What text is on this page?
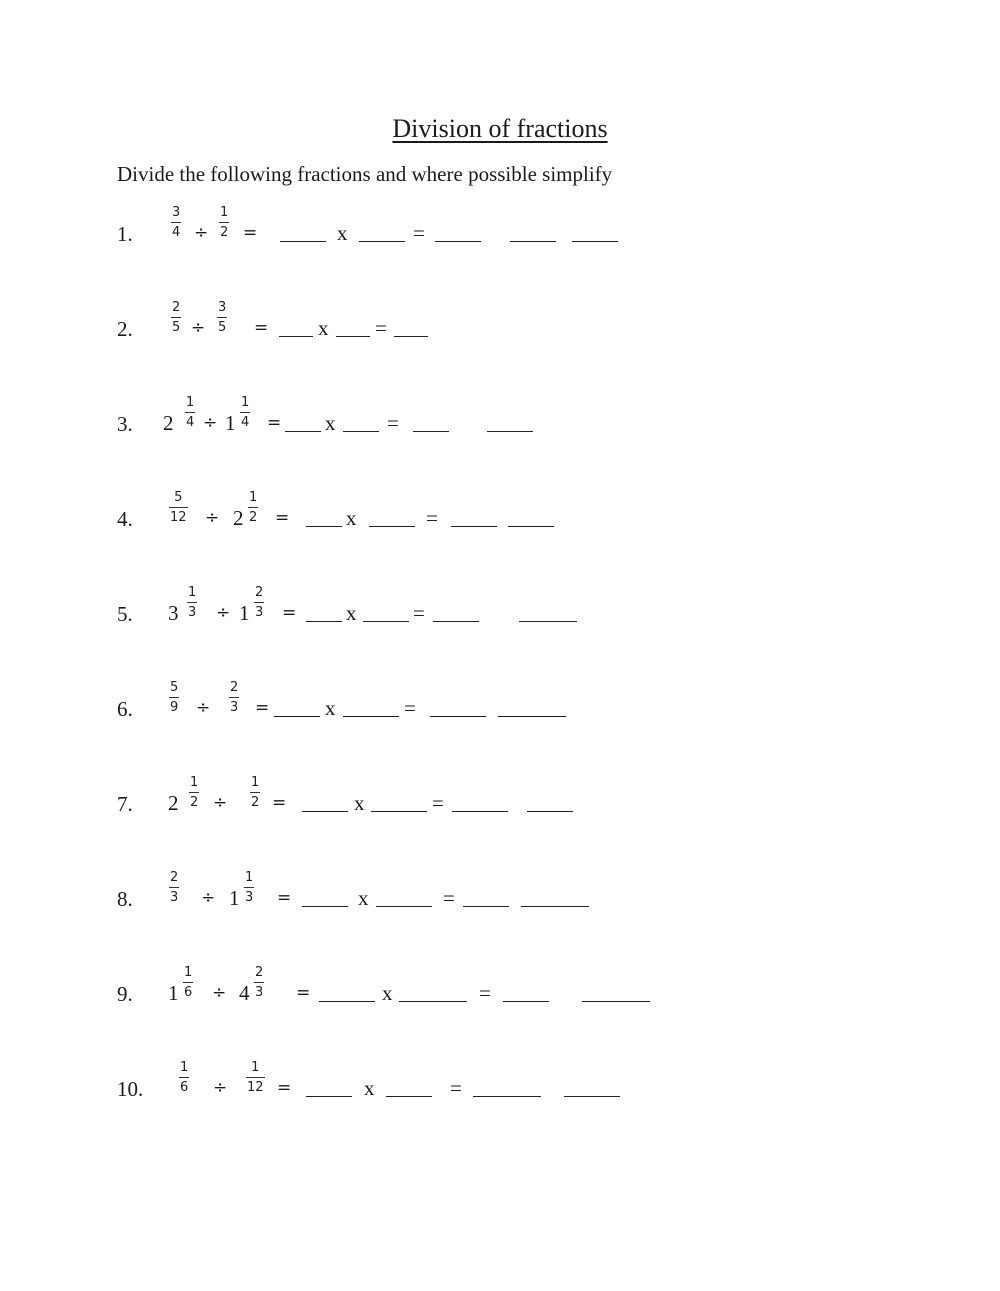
Division of fractions
Divide the following fractions and where possible simplify
1.
3
4 ÷
1
2 =	x	=
2.
2
5 ÷
3
5 = x =
3. 2
1
4 ÷ 1
1
4 = x =
4.
5
12 ÷ 2
1
2 =	x	=
5. 3
1
3 ÷ 1
2
3 = x	=
6.
5
9 ÷
2
3 =	x	=
7. 2
1
2 ÷
1
2 =	x	=
8.
2
3 ÷ 1
1
3 =	x	=
9. 1
1
6 ÷ 4
2
3 =	x	=
10.
1
6 ÷
1
12 =	x	=
